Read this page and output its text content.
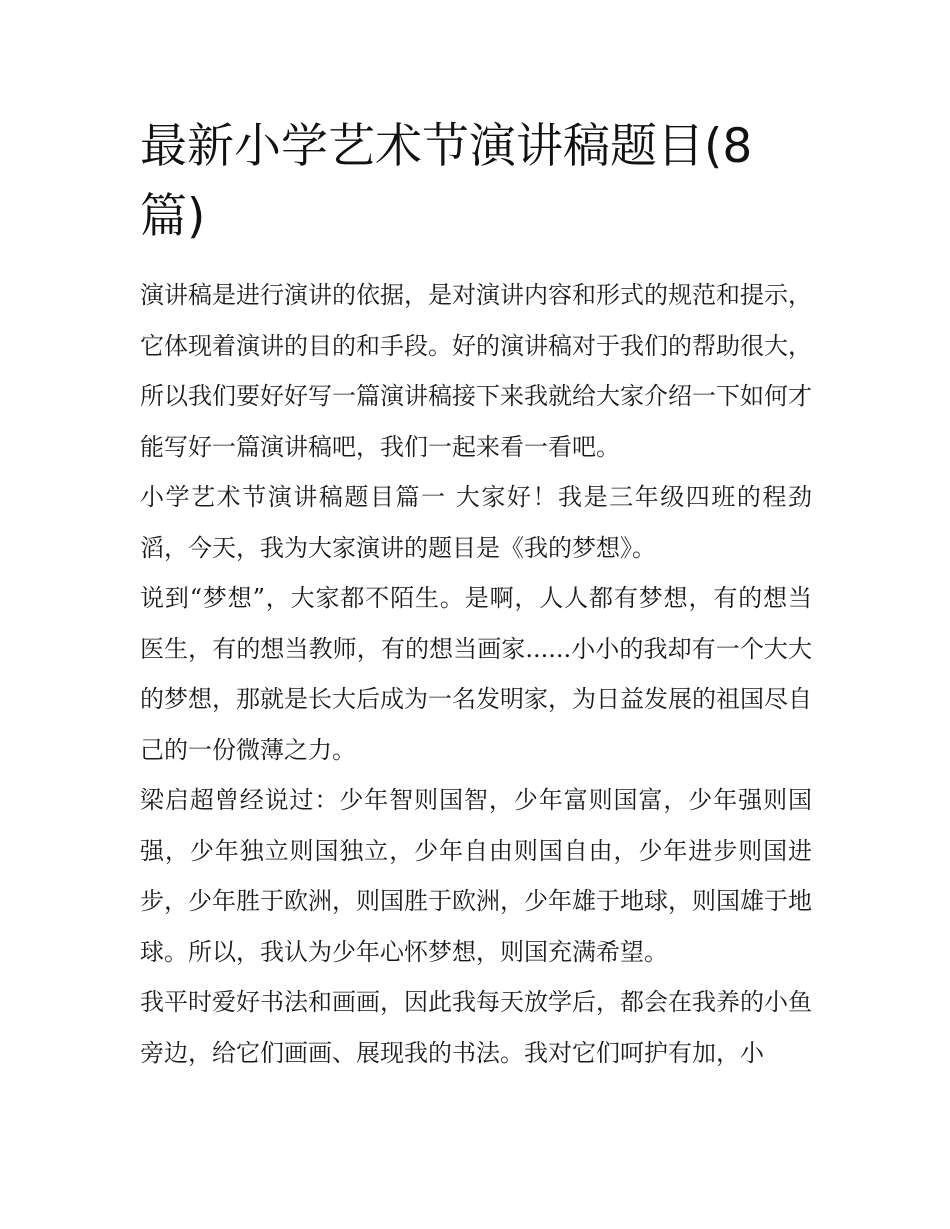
最新小学艺术节演讲稿题目(8篇)

演讲稿是进行演讲的依据，是对演讲内容和形式的规范和提示，它体现着演讲的目的和手段。好的演讲稿对于我们的帮助很大，所以我们要好好写一篇演讲稿接下来我就给大家介绍一下如何才能写好一篇演讲稿吧，我们一起来看一看吧。

小学艺术节演讲稿题目篇一 大家好！我是三年级四班的程劲滔，今天，我为大家演讲的题目是《我的梦想》。

说到“梦想”，大家都不陌生。是啊，人人都有梦想，有的想当医生，有的想当教师，有的想当画家......小小的我却有一个大大的梦想，那就是长大后成为一名发明家，为日益发展的祖国尽自己的一份微薄之力。

梁启超曾经说过：少年智则国智，少年富则国富，少年强则国强，少年独立则国独立，少年自由则国自由，少年进步则国进步，少年胜于欧洲，则国胜于欧洲，少年雄于地球，则国雄于地球。所以，我认为少年心怀梦想，则国充满希望。

我平时爱好书法和画画，因此我每天放学后，都会在我养的小鱼旁边，给它们画画、展现我的书法。我对它们呵护有加，小
